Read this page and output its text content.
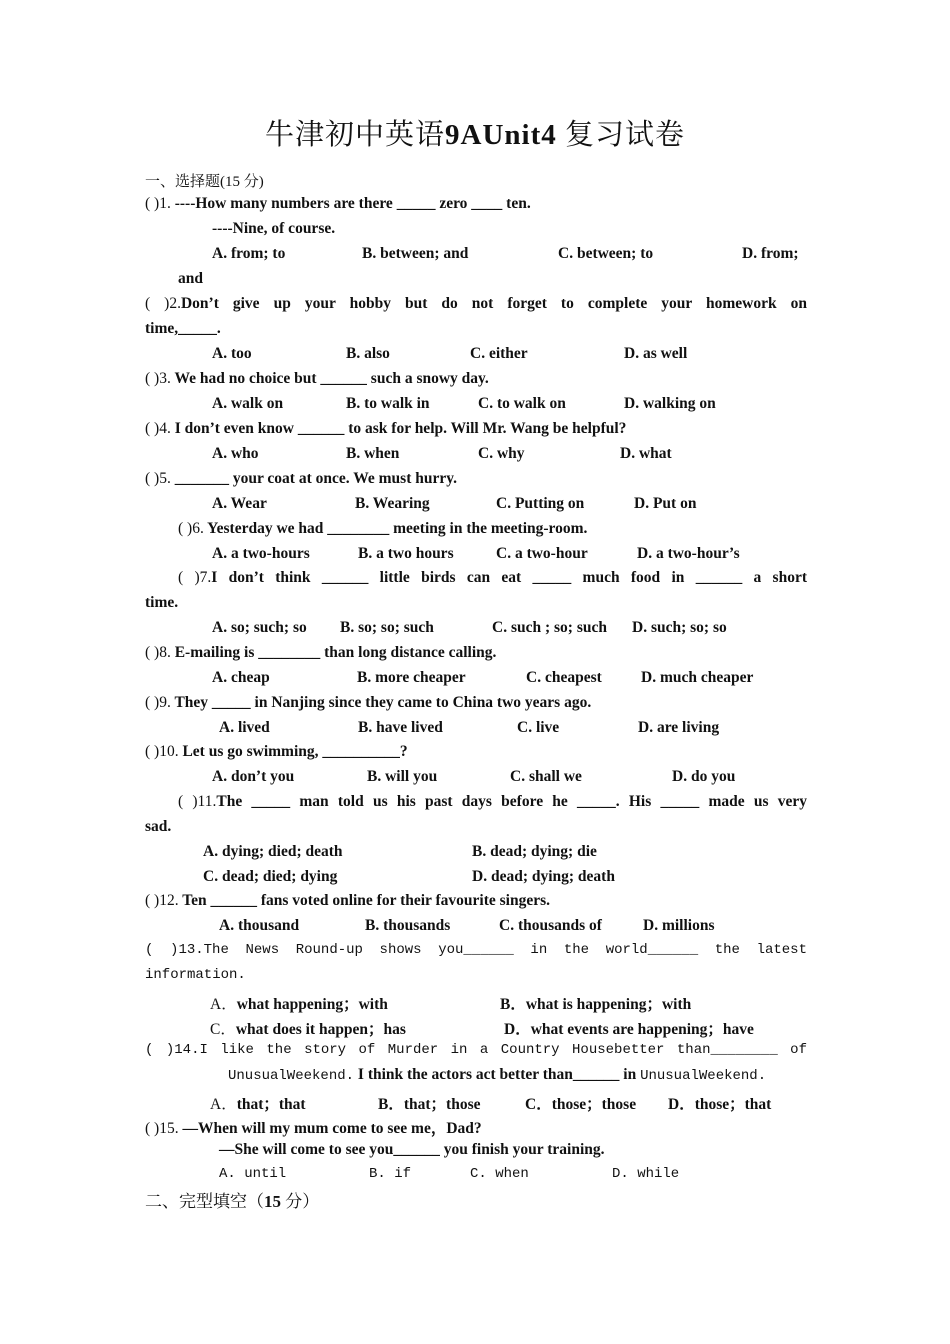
牛津初中英语9AUnit4 复习试卷
一、选择题(15 分)
( )1. ----How many numbers are there _____ zero ____ ten.
----Nine, of course.
A. from; to	B. between; and	C. between; to	D. from;
and
( )2.Don’t give up your hobby but do not forget to complete your homework on
time,_____.
A. too	B. also	C. either	D. as well
( )3. We had no choice but ______ such a snowy day.
A. walk on	B. to walk in	C. to walk on	D. walking on
( )4. I don’t even know ______ to ask for help. Will Mr. Wang be helpful?
A. who	B. when	C. why	D. what
( )5. _______ your coat at once. We must hurry.
A. Wear	B. Wearing	C. Putting on	D. Put on
( )6. Yesterday we had ________ meeting in the meeting-room.
A. a two-hours	B. a two hours	C. a two-hour	D. a two-hour’s
( )7.I don’t think ______ little birds can eat _____ much food in ______ a short
time.
A. so; such; so B. so; so; such	C. such ; so; such D. such; so; so
( )8. E-mailing is ________ than long distance calling.
A. cheap	B. more cheaper	C. cheapest	D. much cheaper
( )9. They _____ in Nanjing since they came to China two years ago.
A. lived	B. have lived	C. live	D. are living
( )10. Let us go swimming, __________?
A. don’t you	B. will you	C. shall we	D. do you
( )11.The _____ man told us his past days before he _____. His _____ made us very
sad.
A. dying; died; death	B. dead; dying; die
C. dead; died; dying	D. dead; dying; death
( )12. Ten ______ fans voted online for their favourite singers.
A. thousand	B. thousands	C. thousands of	D. millions
( )13.The News Round-up shows you______ in the world______ the latest
information.
A．what happening；with	B．what is happening；with
C．what does it happen；has	D．what events are happening；have
( )14.I like the story of Murder in a Country Housebetter than________ of
UnusualWeekend. I think the actors act better than______ in UnusualWeekend.
A．that；that	B．that；those	C．those；those D．those；that
( )15. —When will my mum come to see me，Dad?
—She will come to see you______ you finish your training.
A. until	B. if	C. when	D. while
二、完型填空（15 分）
